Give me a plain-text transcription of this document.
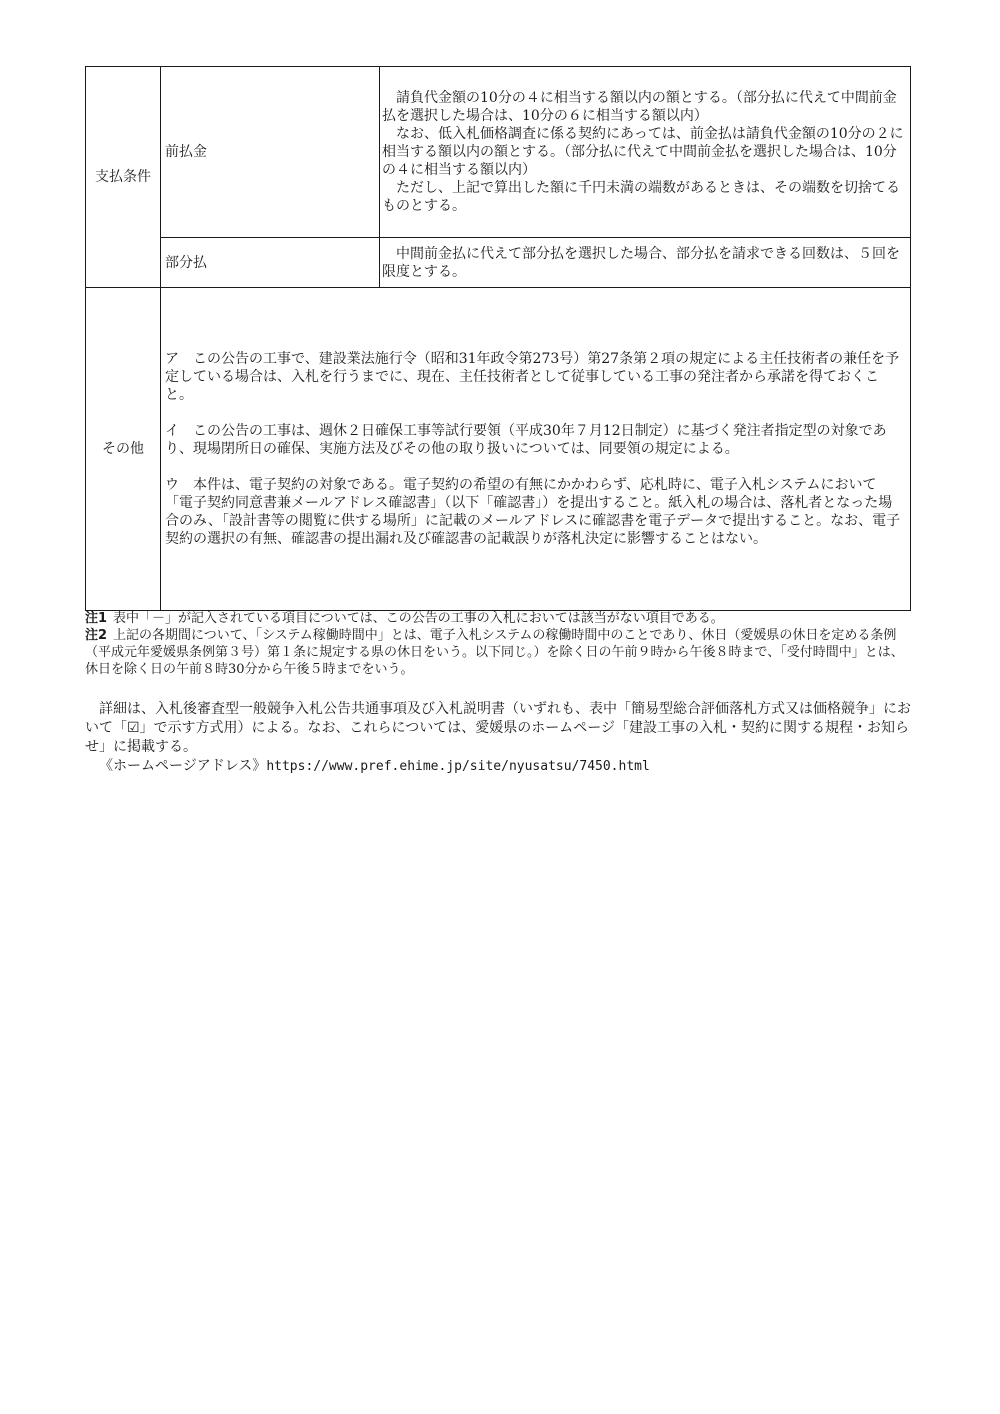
支払条件	前払金	請負代金額の10分の４に相当する額以内の額とする。（部分払に代えて中間前金払を選択した場合は、10分の６に相当する額以内）

なお、低入札価格調査に係る契約にあっては、前金払は請負代金額の10分の２に相当する額以内の額とする。（部分払に代えて中間前金払を選択した場合は、10分の４に相当する額以内）

ただし、上記で算出した額に千円未満の端数があるときは、その端数を切捨てるものとする。

	部分払	中間前金払に代えて部分払を選択した場合、部分払を請求できる回数は、５回を限度とする。

その他	ア　この公告の工事で、建設業法施行令（昭和31年政令第273号）第27条第２項の規定による主任技術者の兼任を予定している場合は、入札を行うまでに、現在、主任技術者として従事している工事の発注者から承諾を得ておくこと。

イ　この公告の工事は、週休２日確保工事等試行要領（平成30年７月12日制定）に基づく発注者指定型の対象であり、現場閉所日の確保、実施方法及びその他の取り扱いについては、同要領の規定による。

ウ　本件は、電子契約の対象である。電子契約の希望の有無にかかわらず、応札時に、電子入札システムにおいて「電子契約同意書兼メールアドレス確認書」（以下「確認書」）を提出すること。紙入札の場合は、落札者となった場合のみ、「設計書等の閲覧に供する場所」に記載のメールアドレスに確認書を電子データで提出すること。なお、電子契約の選択の有無、確認書の提出漏れ及び確認書の記載誤りが落札決定に影響することはない。	

注1 表中「－」が記入されている項目については、この公告の工事の入札においては該当がない項目である。

注2 上記の各期間について、「システム稼働時間中」とは、電子入札システムの稼働時間中のことであり、休日（愛媛県の休日を定める条例（平成元年愛媛県条例第３号）第１条に規定する県の休日をいう。以下同じ。）を除く日の午前９時から午後８時まで、「受付時間中」とは、休日を除く日の午前８時30分から午後５時までをいう。

詳細は、入札後審査型一般競争入札公告共通事項及び入札説明書（いずれも、表中「簡易型総合評価落札方式又は価格競争」において「☑」で示す方式用）による。なお、これらについては、愛媛県のホームページ「建設工事の入札・契約に関する規程・お知らせ」に掲載する。

《ホームページアドレス》https://www.pref.ehime.jp/site/nyusatsu/7450.html
